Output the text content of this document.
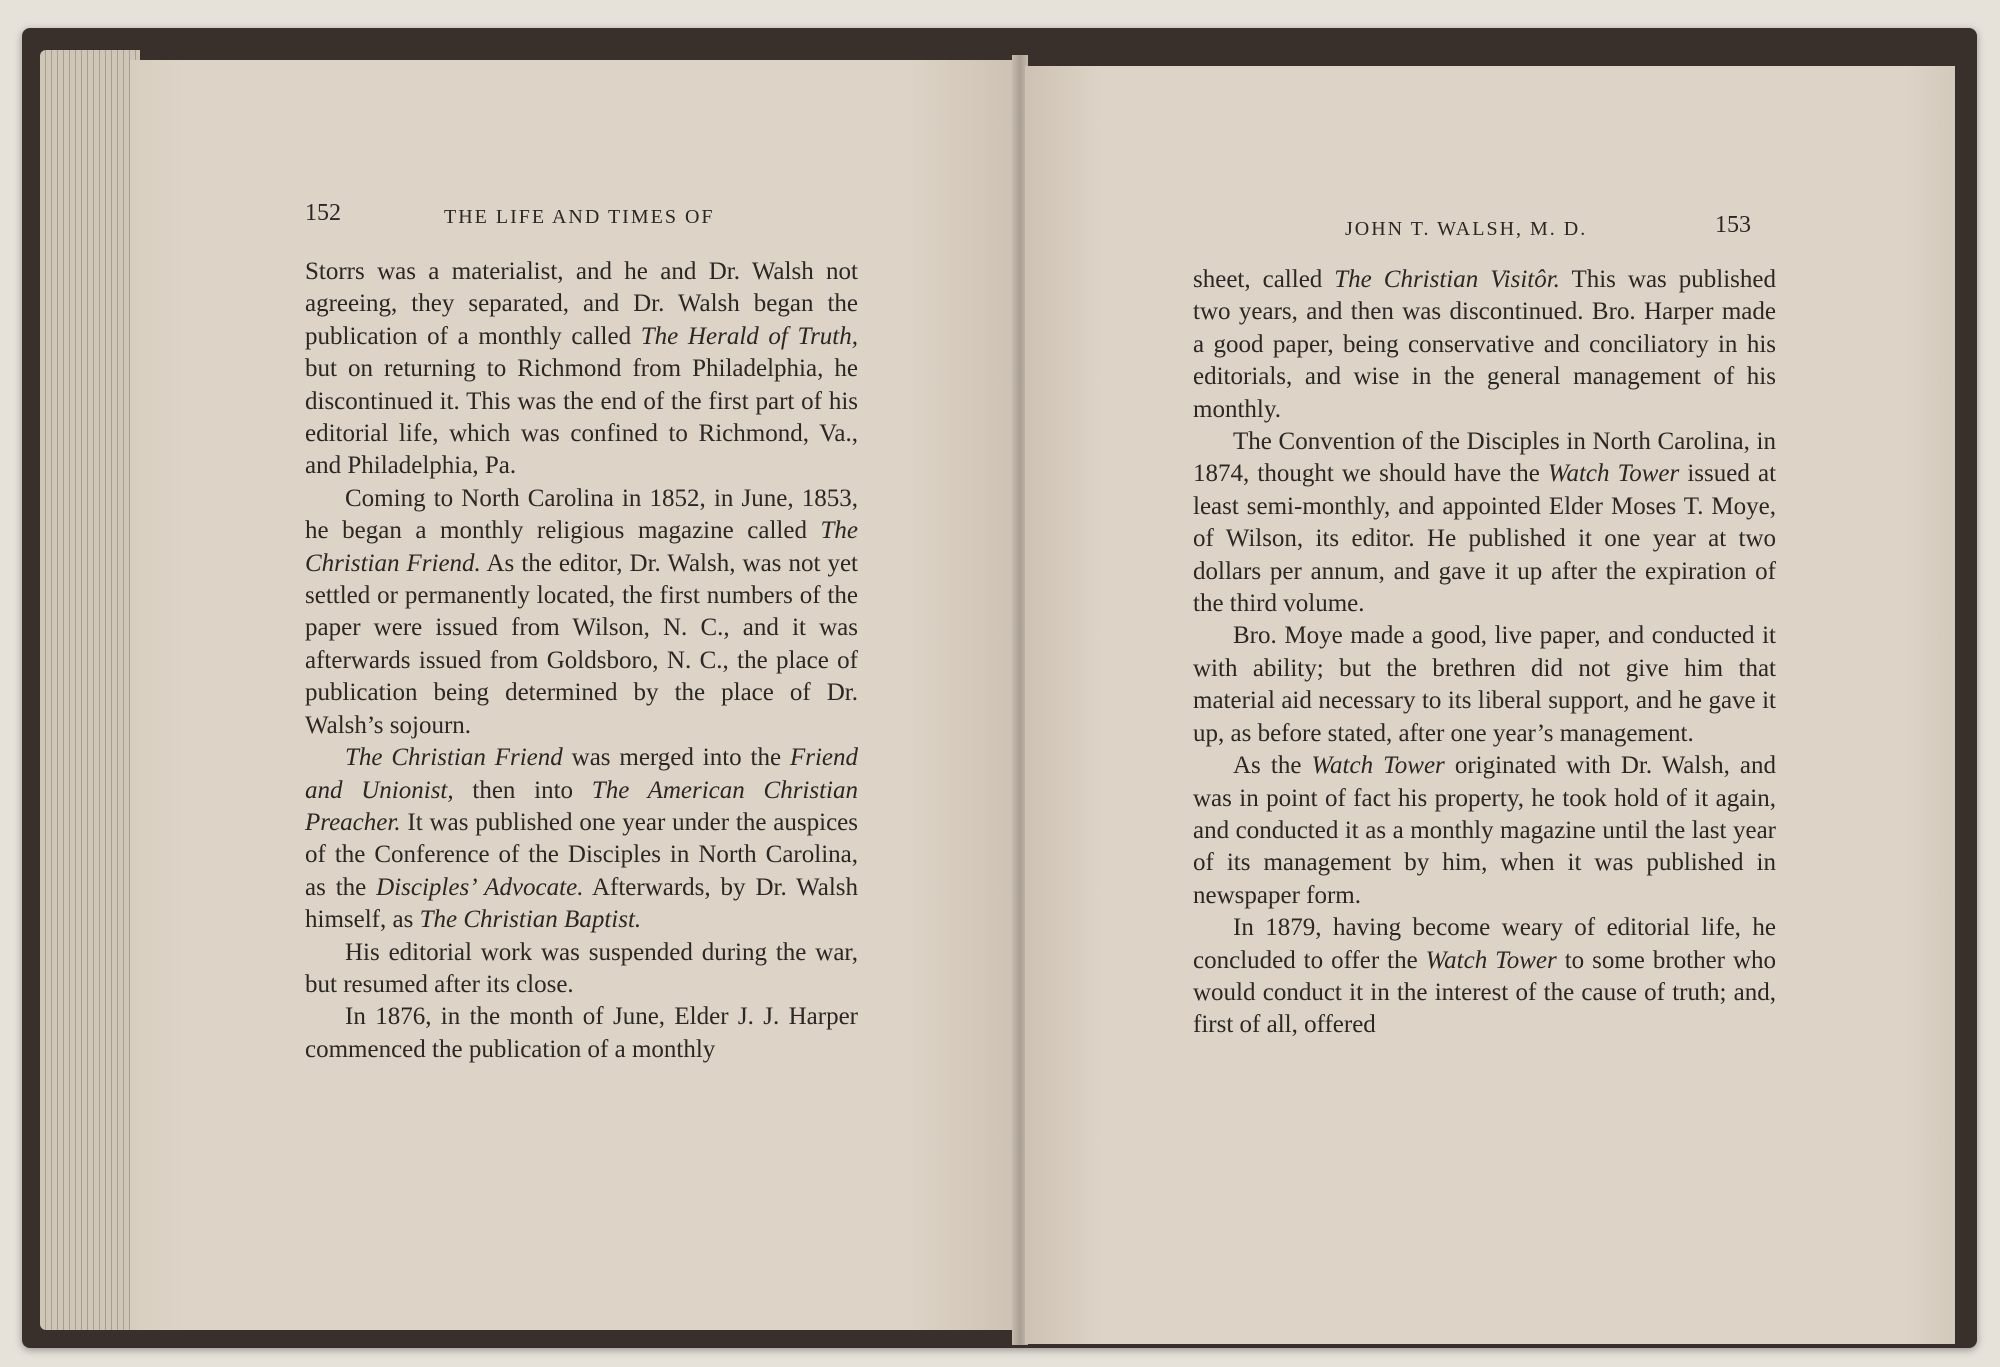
152	THE LIFE AND TIMES OF

Storrs was a materialist, and he and Dr. Walsh not agreeing, they separated, and Dr. Walsh began the publication of a monthly called The Herald of Truth, but on returning to Richmond from Philadelphia, he discontinued it. This was the end of the first part of his editorial life, which was confined to Richmond, Va., and Philadelphia, Pa.

Coming to North Carolina in 1852, in June, 1853, he began a monthly religious magazine called The Christian Friend. As the editor, Dr. Walsh, was not yet settled or permanently located, the first numbers of the paper were issued from Wilson, N. C., and it was afterwards issued from Goldsboro, N. C., the place of publication being determined by the place of Dr. Walsh’s sojourn.

The Christian Friend was merged into the Friend and Unionist, then into The American Christian Preacher. It was published one year under the auspices of the Conference of the Disciples in North Carolina, as the Disciples’ Advocate. Afterwards, by Dr. Walsh himself, as The Christian Baptist.

His editorial work was suspended during the war, but resumed after its close.

In 1876, in the month of June, Elder J. J. Harper commenced the publication of a monthly

JOHN T. WALSH, M. D.	153

sheet, called The Christian Visitôr. This was published two years, and then was discontinued. Bro. Harper made a good paper, being conservative and conciliatory in his editorials, and wise in the general management of his monthly.

The Convention of the Disciples in North Carolina, in 1874, thought we should have the Watch Tower issued at least semi-monthly, and appointed Elder Moses T. Moye, of Wilson, its editor. He published it one year at two dollars per annum, and gave it up after the expiration of the third volume.

Bro. Moye made a good, live paper, and conducted it with ability; but the brethren did not give him that material aid necessary to its liberal support, and he gave it up, as before stated, after one year’s management.

As the Watch Tower originated with Dr. Walsh, and was in point of fact his property, he took hold of it again, and conducted it as a monthly magazine until the last year of its management by him, when it was published in newspaper form.

In 1879, having become weary of editorial life, he concluded to offer the Watch Tower to some brother who would conduct it in the interest of the cause of truth; and, first of all, offered
